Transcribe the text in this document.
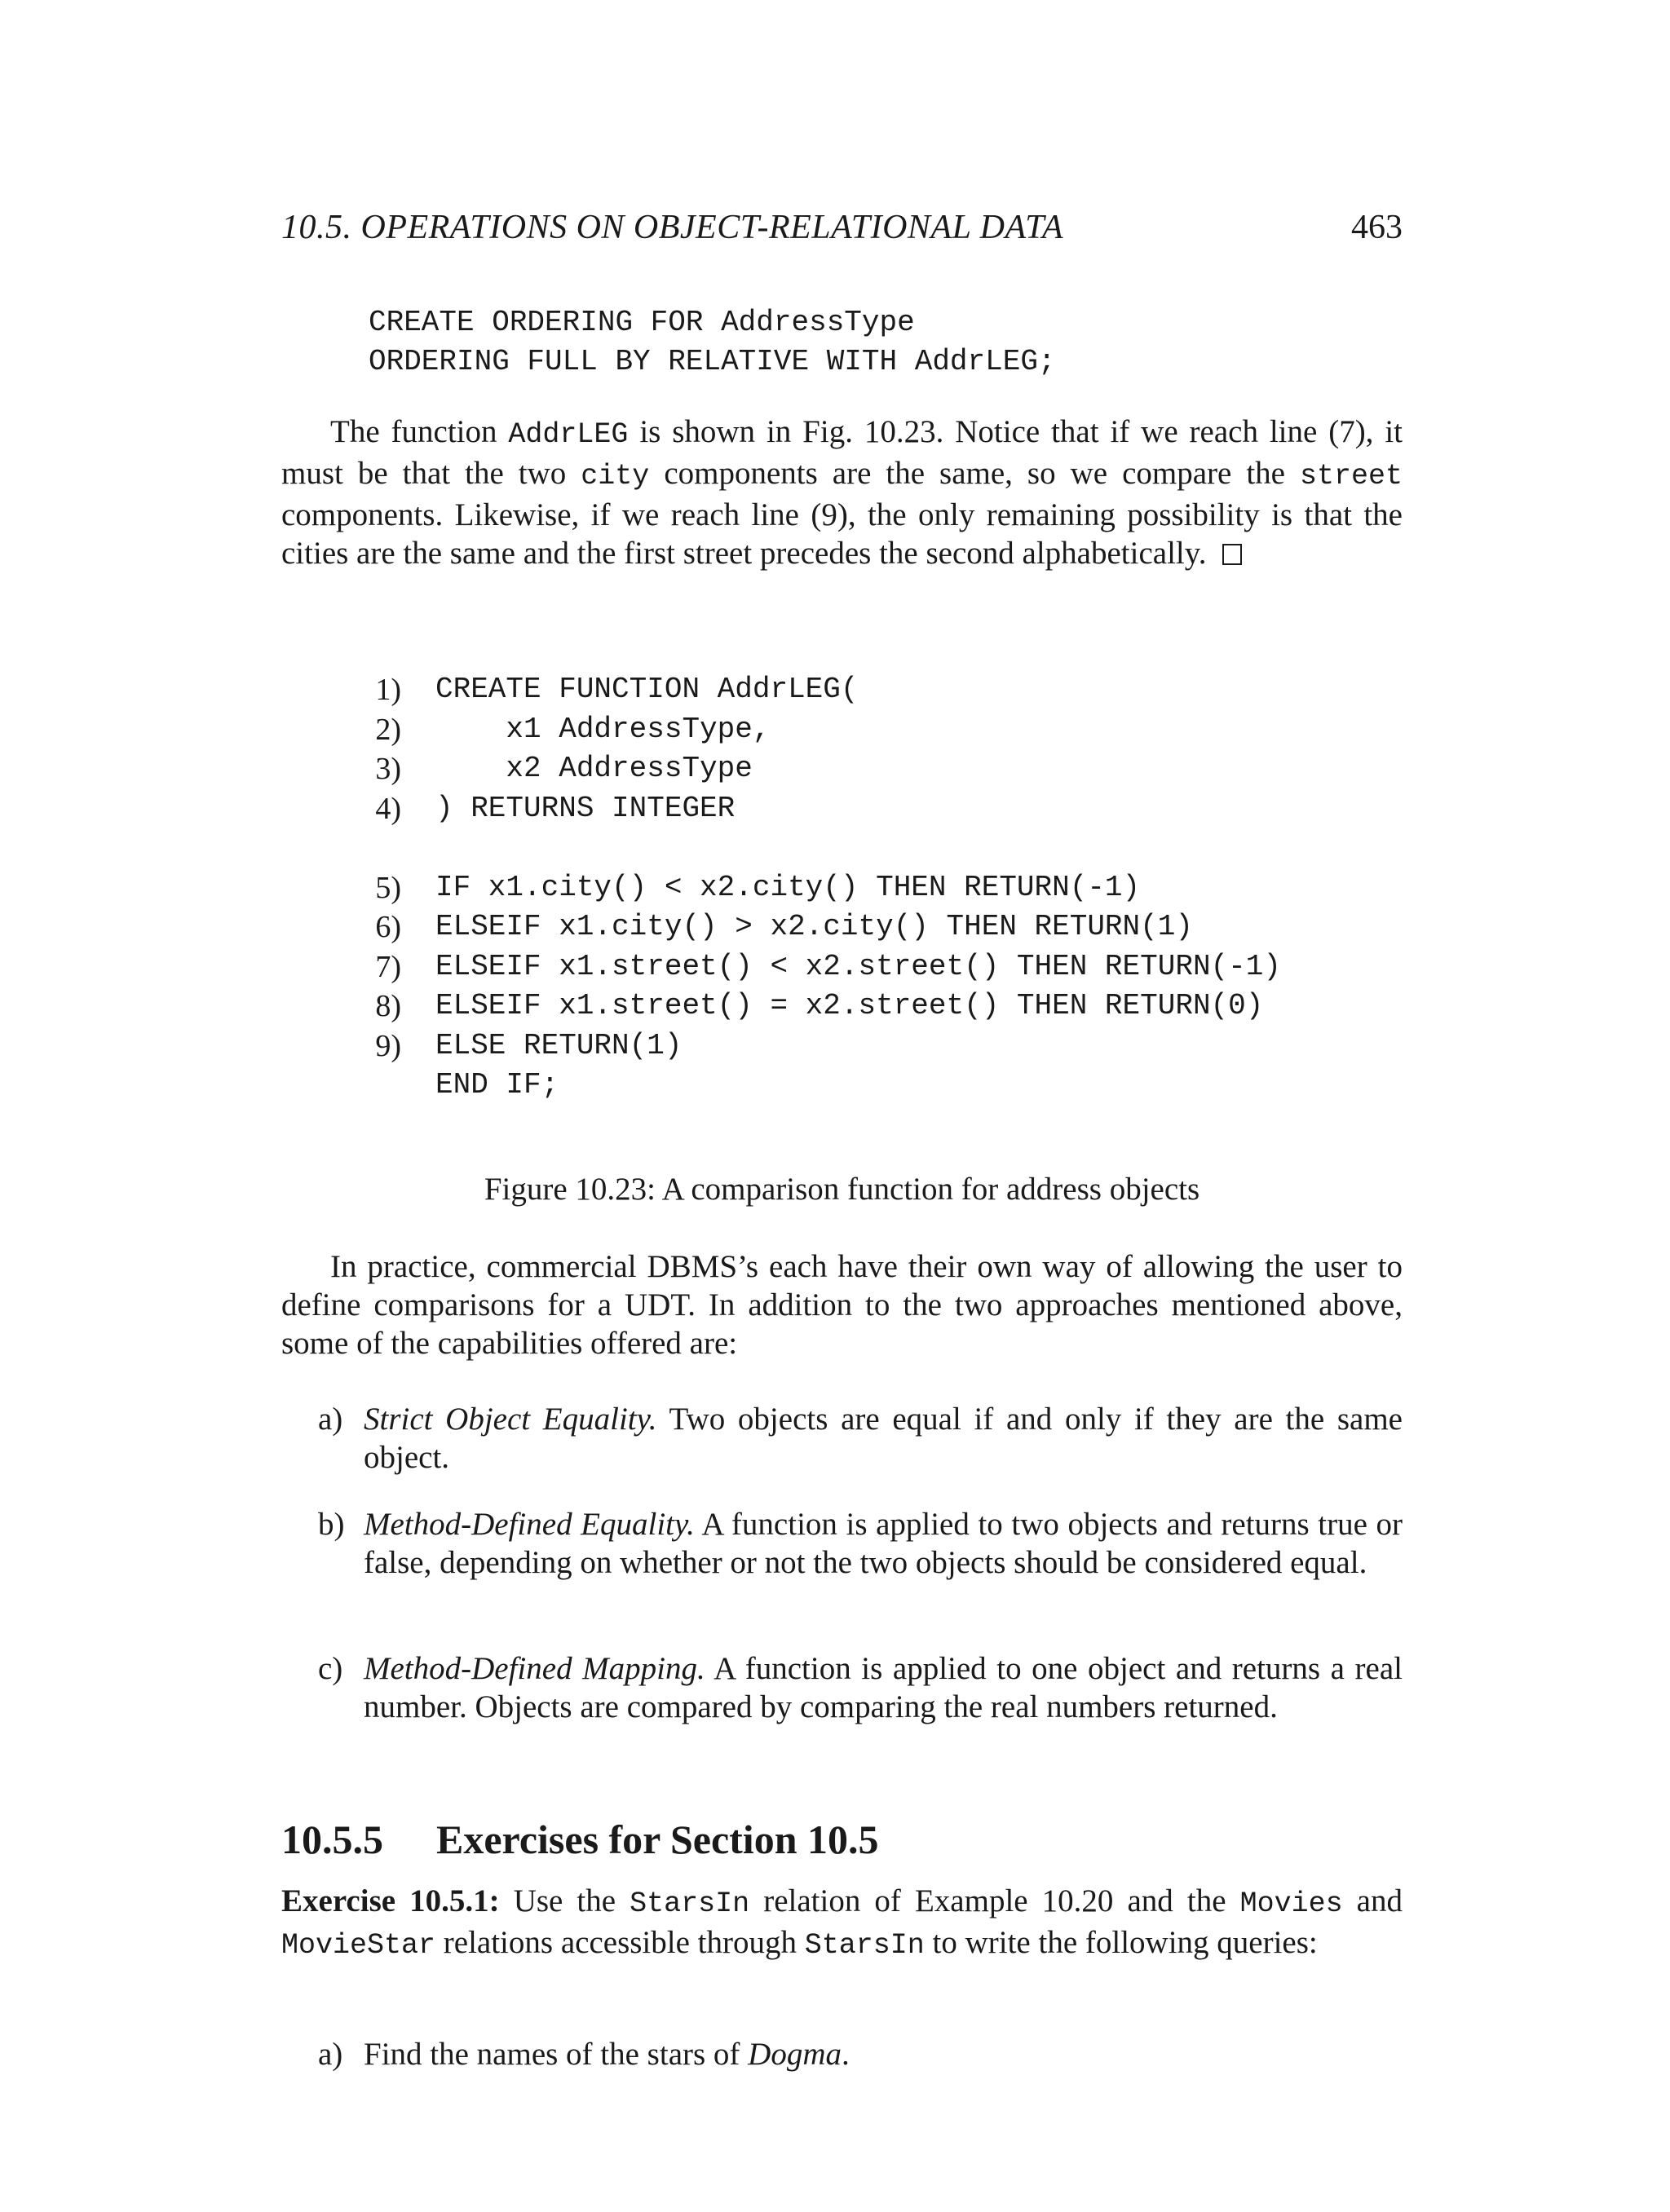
10.5. OPERATIONS ON OBJECT-RELATIONAL DATA	463
CREATE ORDERING FOR AddressType
ORDERING FULL BY RELATIVE WITH AddrLEG;
The function AddrLEG is shown in Fig. 10.23. Notice that if we reach line (7), it must be that the two city components are the same, so we compare the street components. Likewise, if we reach line (9), the only remaining possibility is that the cities are the same and the first street precedes the second alphabetically.
1) CREATE FUNCTION AddrLEG(
2) x1 AddressType,
3) x2 AddressType
4) ) RETURNS INTEGER
5) IF x1.city() < x2.city() THEN RETURN(-1)
6) ELSEIF x1.city() > x2.city() THEN RETURN(1)
7) ELSEIF x1.street() < x2.street() THEN RETURN(-1)
8) ELSEIF x1.street() = x2.street() THEN RETURN(0)
9) ELSE RETURN(1)
END IF;
Figure 10.23: A comparison function for address objects
In practice, commercial DBMS’s each have their own way of allowing the user to define comparisons for a UDT. In addition to the two approaches mentioned above, some of the capabilities offered are:
a) Strict Object Equality. Two objects are equal if and only if they are the same object.
b) Method-Defined Equality. A function is applied to two objects and returns true or false, depending on whether or not the two objects should be considered equal.
c) Method-Defined Mapping. A function is applied to one object and returns a real number. Objects are compared by comparing the real numbers returned.
10.5.5 Exercises for Section 10.5
Exercise 10.5.1: Use the StarsIn relation of Example 10.20 and the Movies and MovieStar relations accessible through StarsIn to write the following queries:
a) Find the names of the stars of Dogma.
